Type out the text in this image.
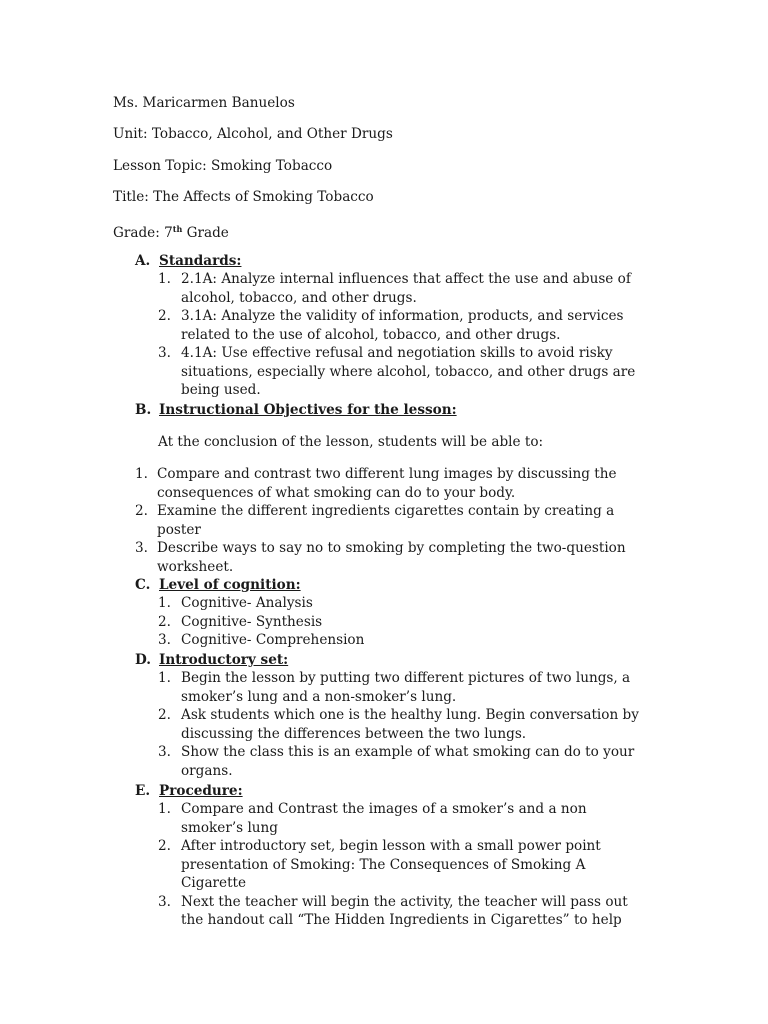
Ms. Maricarmen Banuelos
Unit: Tobacco, Alcohol, and Other Drugs
Lesson Topic: Smoking Tobacco
Title: The Affects of Smoking Tobacco
Grade: 7th Grade
A. Standards:
1. 2.1A: Analyze internal influences that affect the use and abuse of alcohol, tobacco, and other drugs.
2. 3.1A: Analyze the validity of information, products, and services related to the use of alcohol, tobacco, and other drugs.
3. 4.1A: Use effective refusal and negotiation skills to avoid risky situations, especially where alcohol, tobacco, and other drugs are being used.
B. Instructional Objectives for the lesson:
At the conclusion of the lesson, students will be able to:
1. Compare and contrast two different lung images by discussing the consequences of what smoking can do to your body.
2. Examine the different ingredients cigarettes contain by creating a poster
3. Describe ways to say no to smoking by completing the two-question worksheet.
C. Level of cognition:
1. Cognitive- Analysis
2. Cognitive- Synthesis
3. Cognitive- Comprehension
D. Introductory set:
1. Begin the lesson by putting two different pictures of two lungs, a smoker’s lung and a non-smoker’s lung.
2. Ask students which one is the healthy lung. Begin conversation by discussing the differences between the two lungs.
3. Show the class this is an example of what smoking can do to your organs.
E. Procedure:
1. Compare and Contrast the images of a smoker’s and a non smoker’s lung
2. After introductory set, begin lesson with a small power point presentation of Smoking: The Consequences of Smoking A Cigarette
3. Next the teacher will begin the activity, the teacher will pass out the handout call “The Hidden Ingredients in Cigarettes” to help
